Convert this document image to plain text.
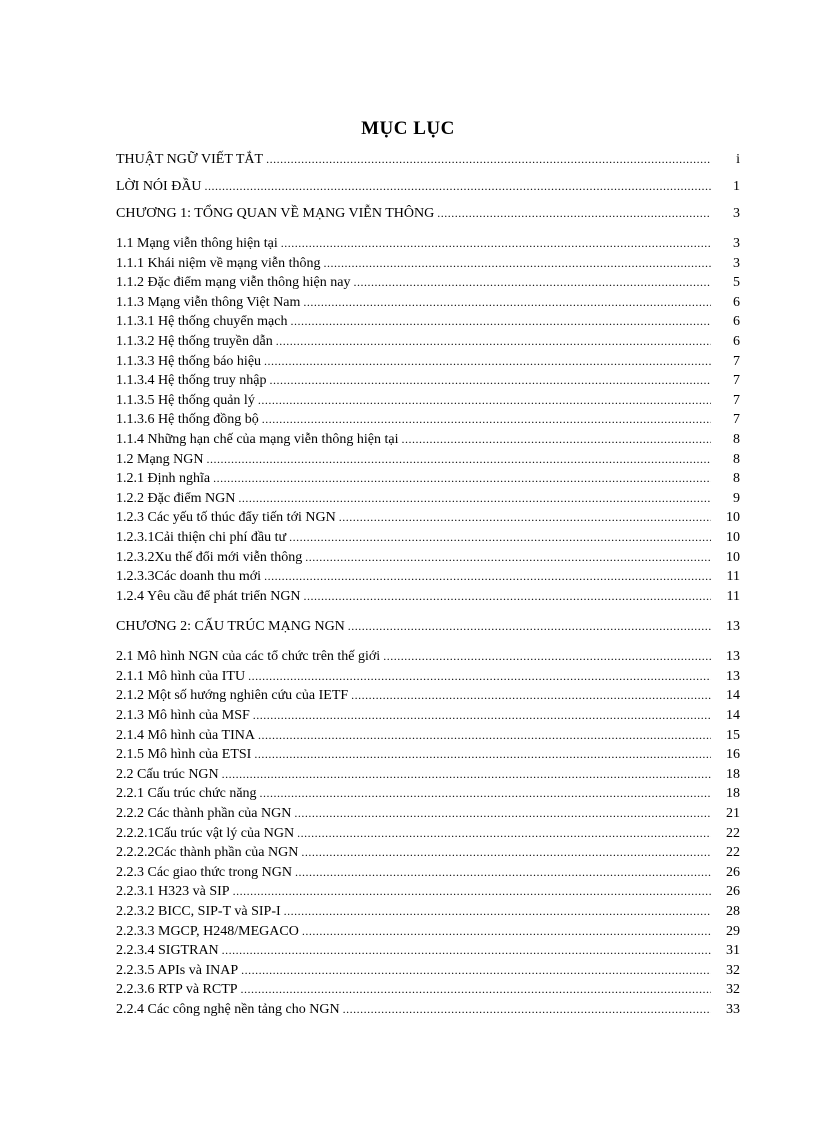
MỤC LỤC
THUẬT NGỮ VIẾT TẮT .....	i
LỜI NÓI ĐẦU .....	1
CHƯƠNG 1: TỔNG QUAN VỀ MẠNG VIỄN THÔNG .....	3
1.1 Mạng viễn thông hiện tại .....	3
1.1.1 Khái niệm về mạng viễn thông .....	3
1.1.2 Đặc điểm mạng viễn thông hiện nay .....	5
1.1.3 Mạng viễn thông Việt Nam .....	6
1.1.3.1 Hệ thống chuyển mạch .....	6
1.1.3.2 Hệ thống truyền dẫn .....	6
1.1.3.3 Hệ thống báo hiệu .....	7
1.1.3.4 Hệ thống truy nhập .....	7
1.1.3.5 Hệ thống quản lý .....	7
1.1.3.6 Hệ thống đồng bộ .....	7
1.1.4 Những hạn chế của mạng viễn thông hiện tại .....	8
1.2 Mạng NGN .....	8
1.2.1 Định nghĩa .....	8
1.2.2 Đặc điểm NGN .....	9
1.2.3 Các yếu tố thúc đẩy tiến tới NGN .....	10
1.2.3.1Cải thiện chi phí đầu tư .....	10
1.2.3.2Xu thế đổi mới viễn thông .....	10
1.2.3.3Các doanh thu mới .....	11
1.2.4 Yêu cầu để phát triển NGN .....	11
CHƯƠNG 2: CẤU TRÚC MẠNG NGN .....	13
2.1 Mô hình NGN của các tổ chức trên thế giới .....	13
2.1.1 Mô hình của ITU .....	13
2.1.2 Một số hướng nghiên cứu của IETF .....	14
2.1.3 Mô hình của MSF .....	14
2.1.4 Mô hình của TINA .....	15
2.1.5 Mô hình của ETSI .....	16
2.2 Cấu trúc NGN .....	18
2.2.1 Cấu trúc chức năng .....	18
2.2.2 Các thành phần của NGN .....	21
2.2.2.1Cấu trúc vật lý của NGN .....	22
2.2.2.2Các thành phần của NGN .....	22
2.2.3 Các giao thức trong NGN .....	26
2.2.3.1 H323 và SIP .....	26
2.2.3.2 BICC, SIP-T và SIP-I .....	28
2.2.3.3 MGCP, H248/MEGACO .....	29
2.2.3.4 SIGTRAN .....	31
2.2.3.5 APIs và INAP .....	32
2.2.3.6 RTP và RCTP .....	32
2.2.4 Các công nghệ nền tảng cho NGN .....	33
